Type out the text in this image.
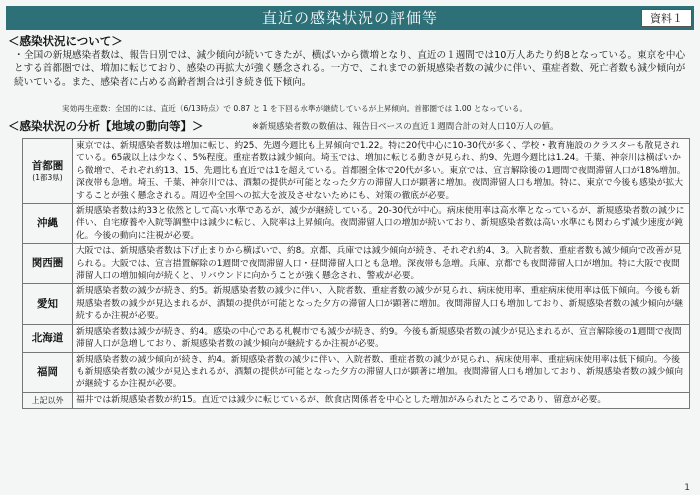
直近の感染状況の評価等	資料１
＜感染状況について＞
・全国の新規感染者数は、報告日別では、減少傾向が続いてきたが、横ばいから微増となり、直近の１週間では10万人あたり約8となっている。東京を中心とする首都圏では、増加に転じており、感染の再拡大が強く懸念される。一方で、これまでの新規感染者数の減少に伴い、重症者数、死亡者数も減少傾向が続いている。また、感染者に占める高齢者割合は引き続き低下傾向。
実効再生産数：全国的には、直近（6/13時点）で 0.87 と 1 を下回る水準が継続しているが上昇傾向。首都圏では 1.00 となっている。
＜感染状況の分析【地域の動向等】＞	※新規感染者数の数値は、報告日ベースの直近１週間合計の対人口10万人の値。
首都圏
(1都3県)	東京では、新規感染者数は増加に転じ、約25、先週今週比も上昇傾向で1.22。特に20代中心に10-30代が多く、学校・教育施設のクラスターも散見されている。65歳以上は少なく、5%程度。重症者数は減少傾向。埼玉では、増加に転じる動きが見られ、約9、先週今週比は1.24。千葉、神奈川は横ばいから微増で、それぞれ約13、15、先週比も直近では1を超えている。首都圏全体で20代が多い。東京では、宣言解除後の1週間で夜間滞留人口が18%増加。深夜帯も急増。埼玉、千葉、神奈川では、酒類の提供が可能となった夕方の滞留人口が顕著に増加。夜間滞留人口も増加。特に、東京で今後も感染が拡大することが強く懸念される。周辺や全国への拡大を波及させないためにも、対策の徹底が必要。
沖縄	新規感染者数は約33と依然として高い水準であるが、減少が継続している。20-30代が中心。病床使用率は高水準となっているが、新規感染者数の減少に伴い、自宅療養や入院等調整中は減少に転じ、入院率は上昇傾向。夜間滞留人口の増加が続いており、新規感染者数は高い水準にも関わらず減少速度が鈍化。今後の動向に注視が必要。
関西圏	大阪では、新規感染者数は下げ止まりから横ばいで、約8。京都、兵庫では減少傾向が続き、それぞれ約4、3。入院者数、重症者数も減少傾向で改善が見られる。大阪では、宣言措置解除の1週間で夜間滞留人口・昼間滞留人口とも急増。深夜帯も急増。兵庫、京都でも夜間滞留人口が増加。特に大阪で夜間滞留人口の増加傾向が続くと、リバウンドに向かうことが強く懸念され、警戒が必要。
愛知	新規感染者数の減少が続き、約5。新規感染者数の減少に伴い、入院者数、重症者数の減少が見られ、病床使用率、重症病床使用率は低下傾向。今後も新規感染者数の減少が見込まれるが、酒類の提供が可能となった夕方の滞留人口が顕著に増加。夜間滞留人口も増加しており、新規感染者数の減少傾向が継続するか注視が必要。
北海道	新規感染者数は減少が続き、約4。感染の中心である札幌市でも減少が続き、約9。今後も新規感染者数の減少が見込まれるが、宣言解除後の1週間で夜間滞留人口が急増しており、新規感染者数の減少傾向が継続するか注視が必要。
福岡	新規感染者数の減少傾向が続き、約4。新規感染者数の減少に伴い、入院者数、重症者数の減少が見られ、病床使用率、重症病床使用率は低下傾向。今後も新規感染者数の減少が見込まれるが、酒類の提供が可能となった夕方の滞留人口が顕著に増加。夜間滞留人口も増加しており、新規感染者数の減少傾向が継続するか注視が必要。
上記以外	福井では新規感染者数が約15。直近では減少に転じているが、飲食店関係者を中心とした増加がみられたところであり、留意が必要。
1
